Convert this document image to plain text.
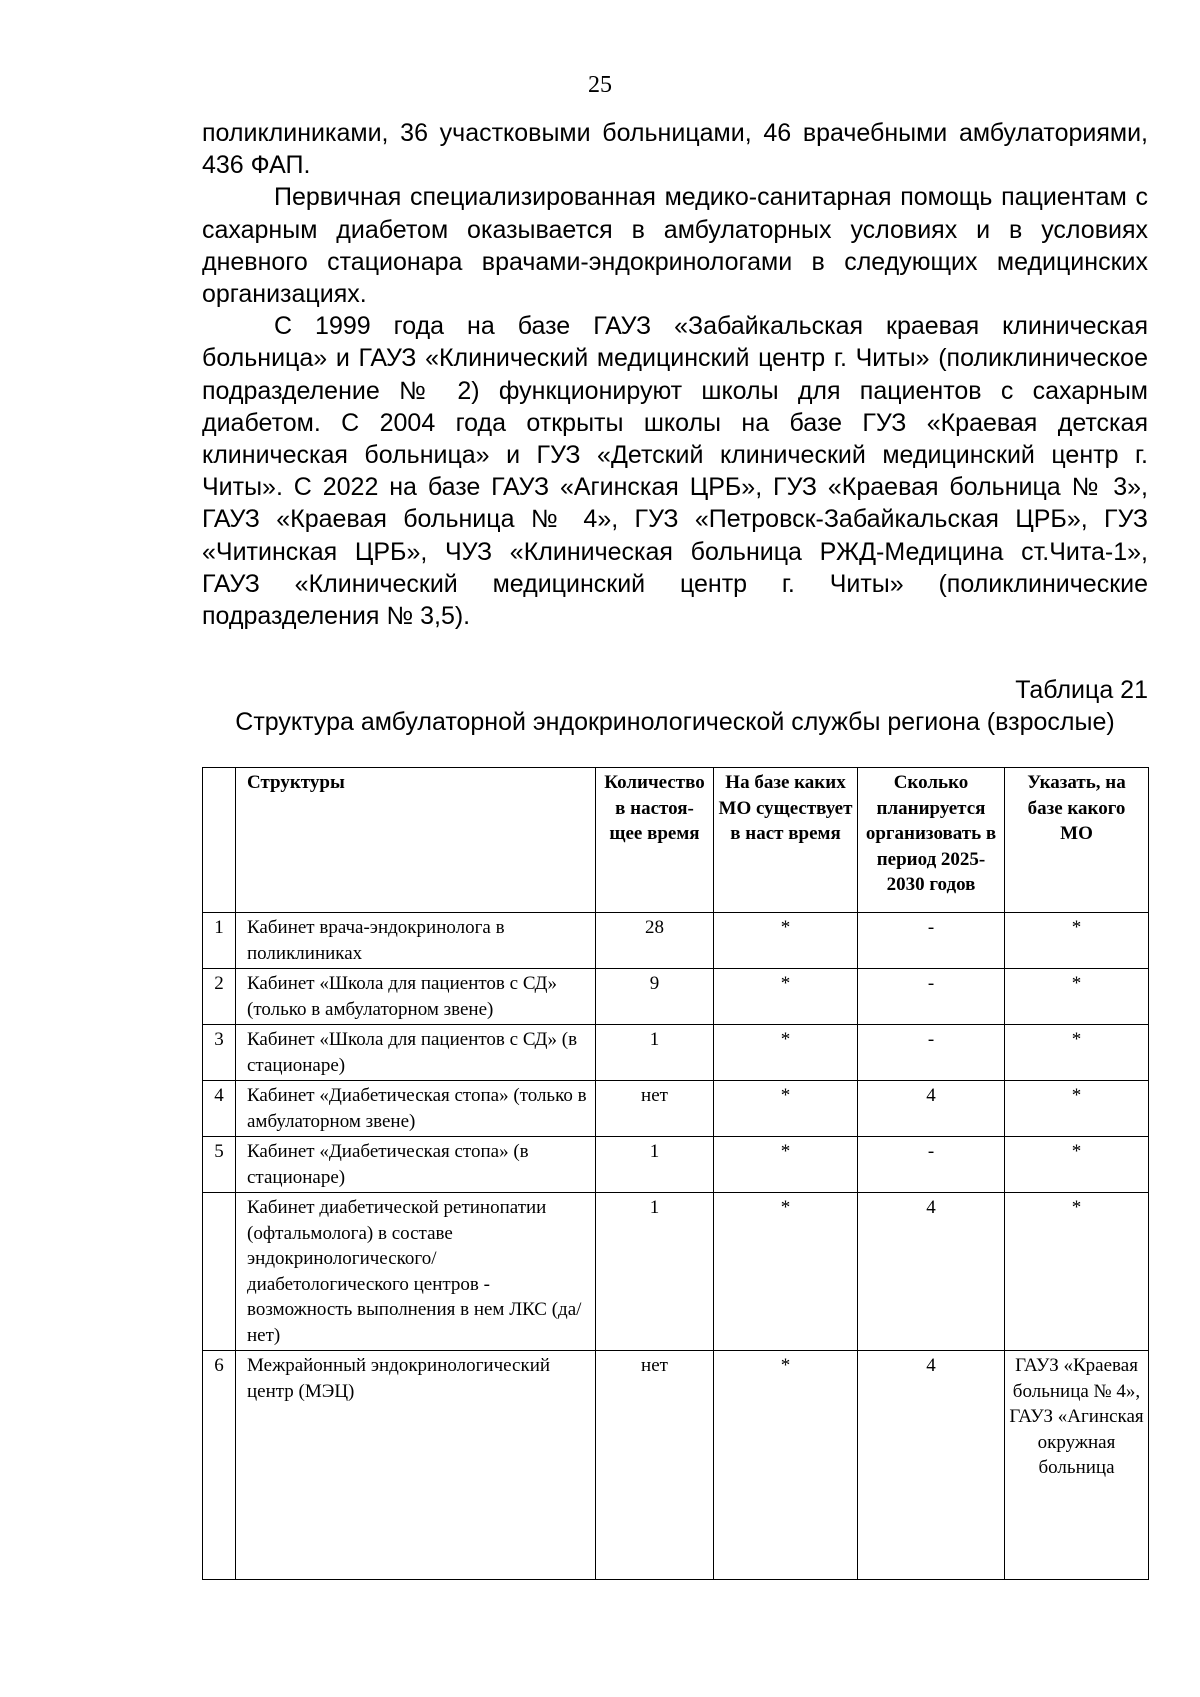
25

поликлиниками, 36 участковыми больницами, 46 врачебными амбулаториями, 436 ФАП.

Первичная специализированная медико-санитарная помощь пациентам с сахарным диабетом оказывается в амбулаторных условиях и в условиях дневного стационара врачами-эндокринологами в следующих медицинских организациях.

С 1999 года на базе ГАУЗ «Забайкальская краевая клиническая больница» и ГАУЗ «Клинический медицинский центр г. Читы» (поликлиническое подразделение № 2) функционируют школы для пациентов с сахарным диабетом. С 2004 года открыты школы на базе ГУЗ «Краевая детская клиническая больница» и ГУЗ «Детский клинический медицинский центр г. Читы». С 2022 на базе ГАУЗ «Агинская ЦРБ», ГУЗ «Краевая больница № 3», ГАУЗ «Краевая больница № 4», ГУЗ «Петровск-Забайкальская ЦРБ», ГУЗ «Читинская ЦРБ», ЧУЗ «Клиническая больница РЖД-Медицина ст.Чита-1», ГАУЗ «Клинический медицинский центр г. Читы» (поликлинические подразделения № 3,5).

Таблица 21
Структура амбулаторной эндокринологической службы региона (взрослые)
	Структуры	Количество в настоя-щее время	На базе каких МО существует в наст время	Сколько планируется организовать в период 2025-2030 годов	Указать, на базе какого МО
1	Кабинет врача-эндокринолога в поликлиниках	28	*	-	*
2	Кабинет «Школа для пациентов с СД» (только в амбулаторном звене)	9	*	-	*
3	Кабинет «Школа для пациентов с СД» (в стационаре)	1	*	-	*
4	Кабинет «Диабетическая стопа» (только в амбулаторном звене)	нет	*	4	*
5	Кабинет «Диабетическая стопа» (в стационаре)	1	*	-	*
	Кабинет диабетической ретинопатии (офтальмолога) в составе эндокринологического/ диабетологического центров - возможность выполнения в нем ЛКС (да/нет)	1	*	4	*
6	Межрайонный эндокринологический центр (МЭЦ)	нет	*	4	ГАУЗ «Краевая больница № 4», ГАУЗ «Агинская окружная больница
